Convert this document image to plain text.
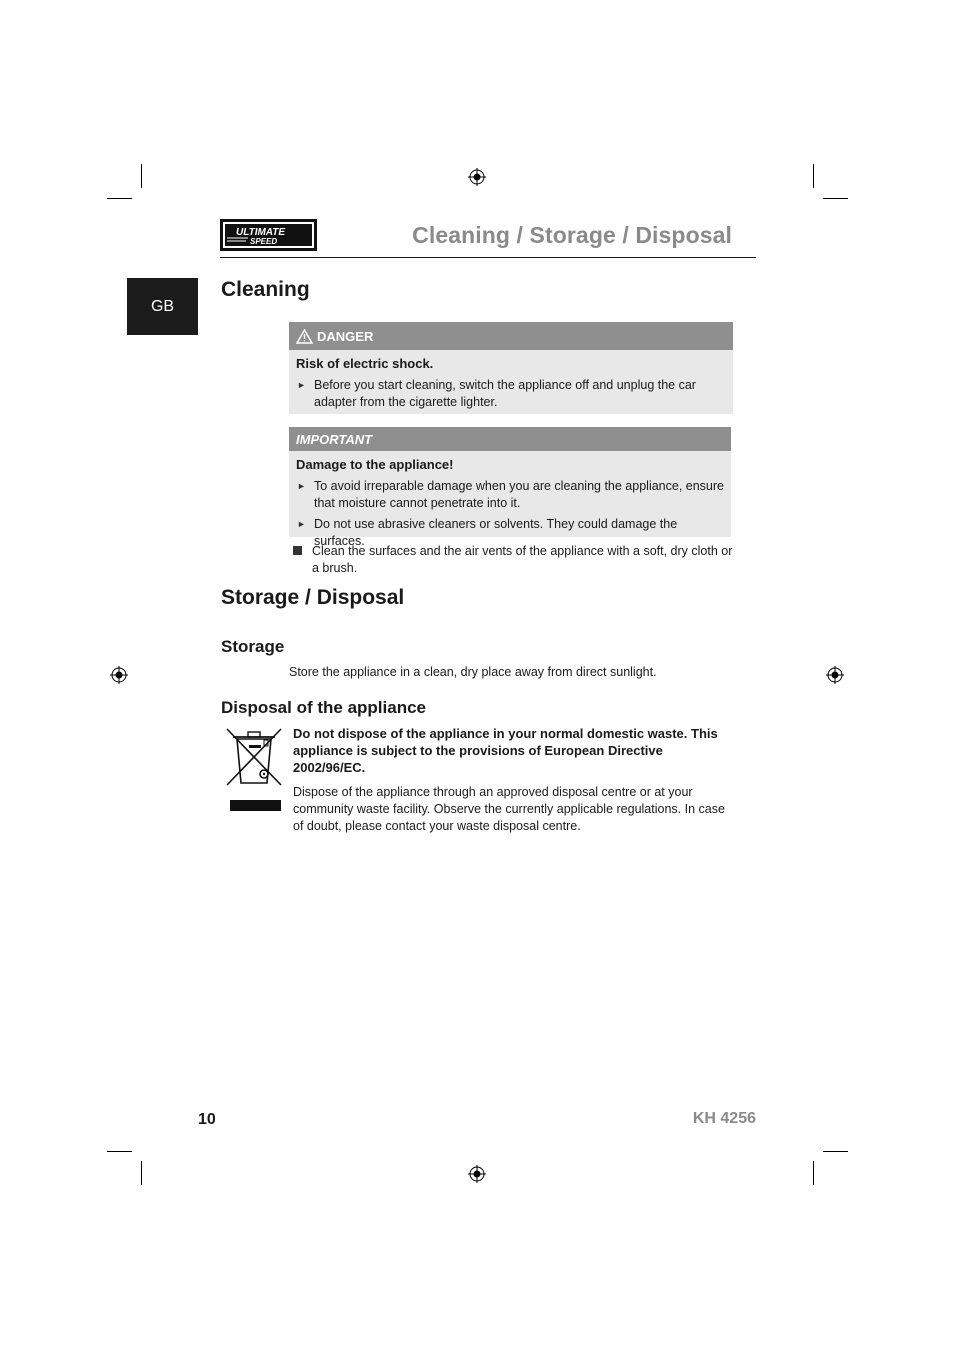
ULTIMATE
SPEED	Cleaning / Storage / Disposal
GB
Cleaning
DANGER
Risk of electric shock.
► Before you start cleaning, switch the appliance off and unplug the car adapter from the cigarette lighter.
IMPORTANT
Damage to the appliance!
► To avoid irreparable damage when you are cleaning the appliance, ensure that moisture cannot penetrate into it.
► Do not use abrasive cleaners or solvents. They could damage the surfaces.
Clean the surfaces and the air vents of the appliance with a soft, dry cloth or a brush.
Storage / Disposal
Storage
Store the appliance in a clean, dry place away from direct sunlight.
Disposal of the appliance
Do not dispose of the appliance in your normal domestic waste. This appliance is subject to the provisions of European Directive 2002/96/EC.
Dispose of the appliance through an approved disposal centre or at your community waste facility. Observe the currently applicable regulations. In case of doubt, please contact your waste disposal centre.
10	KH 4256
